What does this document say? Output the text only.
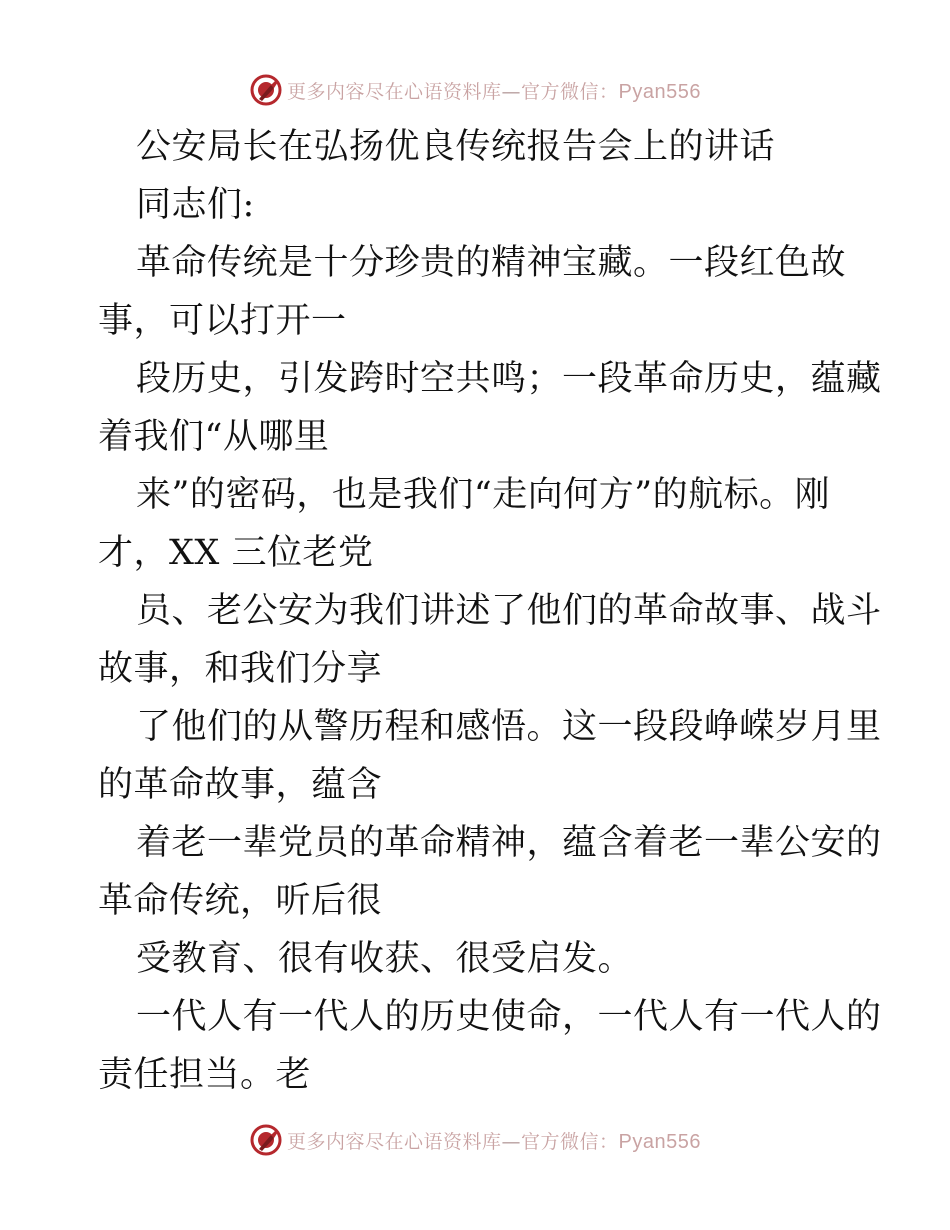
更多内容尽在心语资料库—官方微信：Pyan556
公安局长在弘扬优良传统报告会上的讲话
同志们:
革命传统是十分珍贵的精神宝藏。一段红色故
事，可以打开一
段历史，引发跨时空共鸣；一段革命历史，蕴藏
着我们“从哪里
来”的密码，也是我们“走向何方”的航标。刚
才，XX 三位老党
员、老公安为我们讲述了他们的革命故事、战斗
故事，和我们分享
了他们的从警历程和感悟。这一段段峥嵘岁月里
的革命故事，蕴含
着老一辈党员的革命精神，蕴含着老一辈公安的
革命传统，听后很
受教育、很有收获、很受启发。
一代人有一代人的历史使命，一代人有一代人的
责任担当。老
更多内容尽在心语资料库—官方微信：Pyan556
